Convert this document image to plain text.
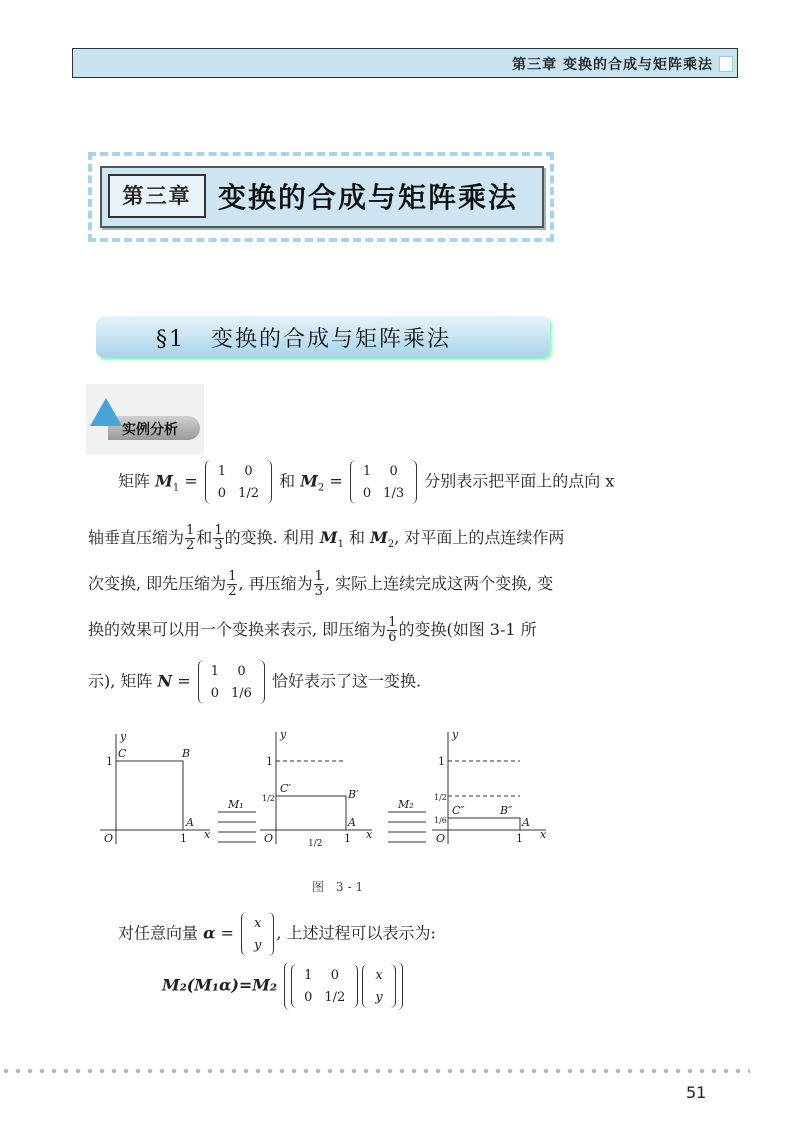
第三章 变换的合成与矩阵乘法
第三章 变换的合成与矩阵乘法
§1 变换的合成与矩阵乘法
实例分析
矩阵 $M_1$ =
1	0
0	1/2
和 $M_2$ =
1	0
0	1/3
分别表示把平面上的点向 x
轴垂直压缩为 $\frac{1}{2}$ 和 $\frac{1}{3}$ 的变换. 利用 $M_1$ 和 $M_2$, 对平面上的点连续作两
次变换, 即先压缩为 $\frac{1}{2}$ , 再压缩为 $\frac{1}{3}$ , 实际上连续完成这两个变换, 变
换的效果可以用一个变换来表示, 即压缩为 $\frac{1}{6}$ 的变换(如图 3-1 所
示), 矩阵 N =
1	0
0	1/6
恰好表示了这一变换.
y
x
O
A
B
C
1
1
M₁
y
x
O
A
B′
C′
1
1
1/2
1/2
M₂
y
x
O
A
B″
C″
1
1
1/2
1/6
图 3-1
对任意向量 α =
x
y
, 上述过程可以表示为:
M₂(M₁α)=M₂
1	0
0	1/2
x
y
51
